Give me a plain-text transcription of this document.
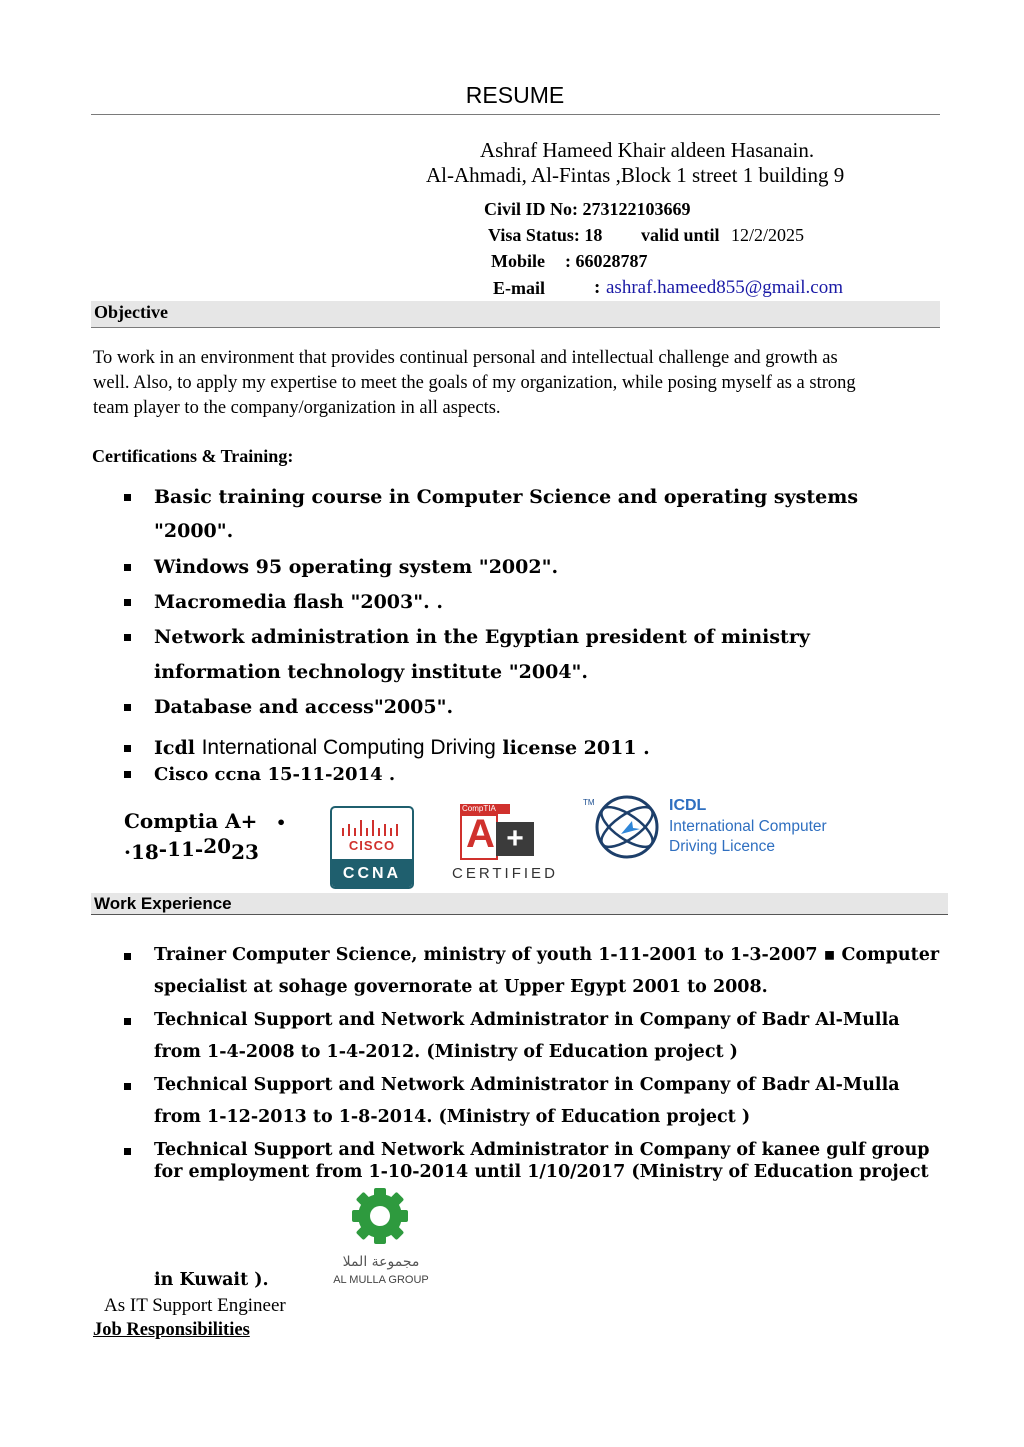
RESUME
Ashraf Hameed Khair aldeen Hasanain.
Al-Ahmadi, Al-Fintas ,Block 1 street 1 building 9
Civil ID No: 273122103669
Visa Status: 18 valid until 12/2/2025
Mobile : 66028787
E-mail	: ashraf.hameed855@gmail.com
Objective
To work in an environment that provides continual personal and intellectual challenge and growth as
well. Also, to apply my expertise to meet the goals of my organization, while posing myself as a strong
team player to the company/organization in all aspects.
Certifications & Training:
Basic training course in Computer Science and operating systems
"2000".
Windows 95 operating system "2002".
Macromedia flash "2003". .
Network administration in the Egyptian president of ministry
information technology institute "2004".
Database and access"2005".
Icdl International Computing Driving license 2011 .
Cisco ccna 15-11-2014 .
Comptia A+ •
·18-11-2023	CISCO
CCNA
CompTIA
A +
CERTIFIED
TM	ICDL
International Computer
Driving Licence
Work Experience
Trainer Computer Science, ministry of youth 1-11-2001 to 1-3-2007 ▪ Computer
specialist at sohage governorate at Upper Egypt 2001 to 2008.
Technical Support and Network Administrator in Company of Badr Al-Mulla
from 1-4-2008 to 1-4-2012. (Ministry of Education project )
Technical Support and Network Administrator in Company of Badr Al-Mulla
from 1-12-2013 to 1-8-2014. (Ministry of Education project )
Technical Support and Network Administrator in Company of kanee gulf group
for employment from 1-10-2014 until 1/10/2017 (Ministry of Education project
مجموعة الملا
AL MULLA GROUP
in Kuwait ).
As IT Support Engineer
Job Responsibilities
